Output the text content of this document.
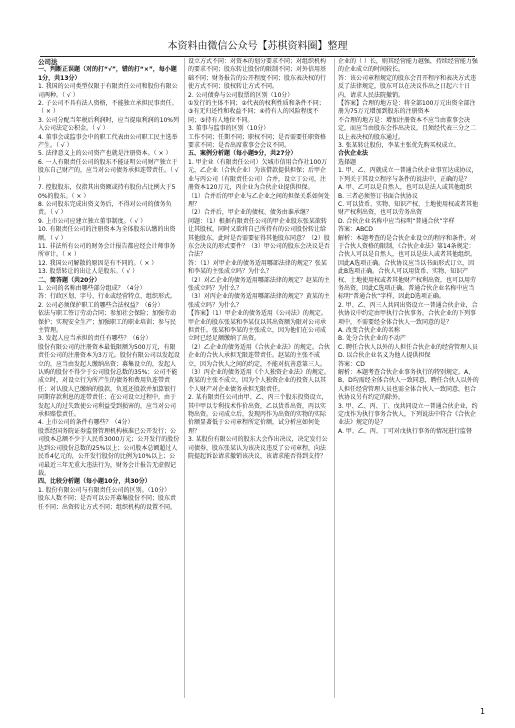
本资料由微信公众号【苏棋资料圈】整理

公司法

一、判断正误题（对的打“√”，错的打“×”，每小题1分，共13分）

1. 我国的公司类型仅限于有限责任公司和股份有限公司两种。（ √ ）

2. 子公司不具有法人资格，不能独立承担民事责任。（ × ）

3. 公司分配当年税后利润时，应当提取利润的10%列入公司法定公积金。（ √ ）

4. 董事会或监事会中的职工代表由公司职工民主选举产生。（ √ ）

5. 法律意义上的公司资产也就是注册资本。（ × ）

6. 一人有限责任公司的股东不能证明公司财产独立于股东自己财产的，应当对公司债务承担连带责任。（ √ ）

7. 控股股东，仅指其出资额或持有股份占比例大于50%的股东。（ × ）

8. 公司股东完成出资义务后，不得对公司的债务负责。（ √ ）

9. 上市公司应建立独立董事制度。（ √ ）

10. 有限责任公司的注册资本为全体股东认缴的出资额。（ √ ）

11. 非法所有公司的财务会计报告都应经会计师事务所审计。（ × ）

12. 我国公司解散的原因是有不同的。（ × ）

13. 股票转让的出让人是股东。（ √ ）

二、简答题（共20分）

1. 公司的名称由哪些部分组成？（4分）

答：行政区划、字号、行业或经营特点、组织形式。

2. 公司必须保护职工的哪些合法权益？（6分）

依法与职工签订劳动合同；参加社会保险；加强劳动保护；实现安全生产；加强职工的职业培训；参与民主管理。

3. 发起人应当承担的责任有哪些？（6分）

股份有限公司的注册资本最低限额为500万元，有限责任公司的注册资本为3万元。股份有限公司以发起设立的，应当由发起人缴纳出资；募集设立的，发起人认购的股份不得少于公司股份总数的35%；公司不能成立时，对设立行为所产生的债务和费用负连带责任；对认股人已缴纳的股款，负返还股款并加算银行同期存款利息的连带责任；在公司设立过程中，由于发起人的过失致使公司利益受到损害的，应当对公司承担赔偿责任。

4. 上市公司的条件有哪些？（4分）

股票经国务院证券监督管理机构核准已公开发行；公司股本总额不少于人民币3000万元；公开发行的股份达到公司股份总数的25%以上；公司股本总额超过人民币4亿元的，公开发行股份的比例为10%以上；公司最近三年无重大违法行为，财务会计报告无虚假记载。

四、比较分析题（每小题10分，共30分）

1. 股份有限公司与有限责任公司的区别。（10分）

股东人数不同；是否可以公开募集股份不同；股东责任不同；出资转让方式不同；组织机构的设置不同。

设立方式不同：对资本的划分要求不同；对组织机构的要求不同；股东转让股份的限制不同；对外信用基础不同；财务报告的公开程度不同；股东表决权的行使方式不同；股权转让方式不同。

2. 公司债券与公司股票的区别（10分）

①发行的主体不同；②代表的权利性质和条件不同；③有无归还性和收益不同；④持有人的风险程度不同；⑤持有人地位不同。

3. 董事与监事的区别（10分）

工作不同；任期不同；职权不同；是否需要任职资格要求不同；是否出席董事会会议不同。

五、案例分析题（每小题9分，共27分）

1. 甲企业（有限责任公司）欠城市信用合作社100万元，乙企业（合伙企业）为该借款提供担保；后甲企业与丙公司（有限责任公司）合并，设立丁公司，注册资本120万元，丙企业为合伙企业提供担保。

（1）合并后的甲企业与乙企业之间的担保关系如何处理？

（2）合并后，甲企业的债权、债务由谁承继？

问题：（1）根据有限责任公司的甲企业股东张某欲转让其股权，同时又欲将自己所持有的公司股份转让给其他股东，此时是否需要征得其他股东同意？（2）股东会决议的形式要件？（3）甲公司的股东会决议是否合法？

答：（1）对甲企业的债务适用哪部法律的规定？张某和李某的主张成立吗？为什么？

（2）对乙企业的债务适用哪部法律的规定？赵某的主张成立吗？为什么？

（3）对丙企业的债务适用哪部法律的规定？黄某的主张成立吗？为什么？

【答案】（1）甲企业的债务适用《公司法》的规定。甲企业的股东张某和李某仅以其出资额为限对公司承担责任。张某和李某的主张成立，因为他们在公司成立时已经足额缴纳了出资。

（2）乙企业的债务适用《合伙企业法》的规定。合伙企业的合伙人承担无限连带责任。赵某的主张不成立，因为合伙人之间的约定，不能对抗善意第三人。

（3）丙企业的债务适用《个人独资企业法》的规定。黄某的主张不成立，因为个人独资企业的投资人以其个人财产对企业债务承担无限责任。

2. 某有限责任公司由甲、乙、丙三个股东投资设立，其中甲以专利技术作价出资，乙以货币出资，丙以实物出资。公司成立后，发现丙作为出资的实物的实际价额显著低于公司章程所定价额，试分析应如何处理？

3. 某股份有限公司的股东大会作出决议，决定发行公司债券，股东张某认为该决议违反了公司章程，向法院提起诉讼请求撤销该决议，该请求能否得到支持？

企业的（ ）长，则其经营能力越强，持续经营能力强的企业成立的时间较长。

答：该公司章程规定的股东会召开程序和表决方式违反了法律规定，股东可以在决议作出之日起六十日内，请求人民法院撤销。

【答案】合理的地方是：将全部100万元出资全部注册为75万元增加到股东的注册资本

不合理的地方是：增加注册资本不应当由董事会决定，而应当由股东会作出决议，且须经代表三分之二以上表决权的股东通过。

3. 张某转让股份，李某主张优先购买权成立。

合伙企业法

选择题

1. 甲、乙、丙就成立一普通合伙企业事宜达成协议，下列关于其设立程序与条件的说法中，正确的是？

A. 甲、乙可以是自然人，也可以是法人或其他组织

B. 三者必须签订书面合伙协议

C. 可以货币、实物、知识产权、土地使用权或者其他财产权利出资，也可以劳务出资

D. 合伙企业名称中应当标明“普通合伙”字样

答案：ABCD

解析：本题考查的是合伙企业设立的程序和条件。对于合伙人资格的限制，《合伙企业法》第14条规定：合伙人可以是自然人，也可以是法人或者其他组织。因此A选项正确。合伙协议应当以书面形式订立，因此B选项正确。合伙人可以用货币、实物、知识产权、土地使用权或者其他财产权利出资，也可以用劳务出资，因此C选项正确。普通合伙企业名称中应当标明“普通合伙”字样，因此D选项正确。

2. 甲、乙、丙三人共同出资设立一普通合伙企业，合伙协议中约定由甲执行合伙事务，合伙企业的下列事项中，不需要经全体合伙人一致同意的是？

A. 改变合伙企业的名称

B. 处分合伙企业的不动产

C. 聘任合伙人以外的人担任合伙企业的经营管理人员

D. 以合伙企业名义为他人提供担保

答案：CD

解析：本题考查合伙企业事务执行的特别规定。A、B、D均需经全体合伙人一致同意，聘任合伙人以外的人担任经营管理人员也需全体合伙人一致同意，但合伙协议另有约定的除外。

3. 甲、乙、丙、丁、戊共同设立一普通合伙企业，约定戊作为执行事务合伙人，下列说法中符合《合伙企业法》规定的是？

A. 甲、乙、丙、丁可对戊执行事务的情况进行监督

1
